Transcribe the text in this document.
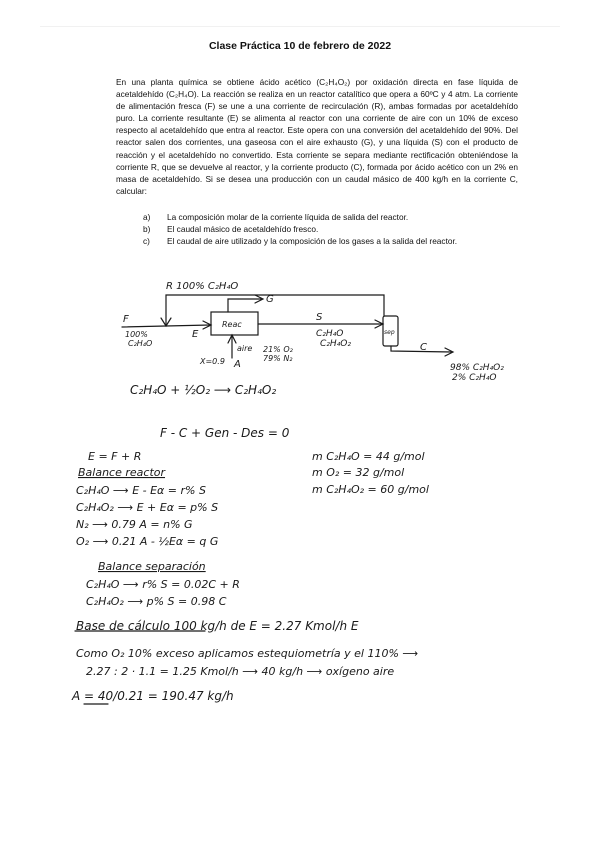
Clase Práctica 10 de febrero de 2022

En una planta química se obtiene ácido acético (C₂H₄O₂) por oxidación directa en fase líquida de acetaldehído (C₂H₄O). La reacción se realiza en un reactor catalítico que opera a 60ºC y 4 atm. La corriente de alimentación fresca (F) se une a una corriente de recirculación (R), ambas formadas por acetaldehído puro. La corriente resultante (E) se alimenta al reactor con una corriente de aire con un 10% de exceso respecto al acetaldehído que entra al reactor. Este opera con una conversión del acetaldehído del 90%. Del reactor salen dos corrientes, una gaseosa con el aire exhausto (G), y una líquida (S) con el producto de reacción y el acetaldehído no convertido. Esta corriente se separa mediante rectificación obteniéndose la corriente R, que se devuelve al reactor, y la corriente producto (C), formada por ácido acético con un 2% en masa de acetaldehído. Si se desea una producción con un caudal másico de 400 kg/h en la corriente C, calcular:

a)	La composición molar de la corriente líquida de salida del reactor.
b)	El caudal másico de acetaldehído fresco.
c)	El caudal de aire utilizado y la composición de los gases a la salida del reactor.
R 100% C₂H₄O
G
S
F
100%
C₂H₄O
E
Reac
C₂H₄O
C₂H₄O₂
sep
C
98% C₂H₄O₂
2% C₂H₄O
X=0.9
aire 21% O₂
79% N₂
A
C₂H₄O + ½O₂ ⟶ C₂H₄O₂
F - C + Gen - Des = 0
m C₂H₄O = 44 g/mol
m O₂ = 32 g/mol
m C₂H₄O₂ = 60 g/mol
E = F + R
Balance reactor
C₂H₄O ⟶ E - Eα = r% S
C₂H₄O₂ ⟶ E + Eα = p% S
N₂ ⟶ 0.79 A = n% G
O₂ ⟶ 0.21 A - ½Eα = q G
Balance separación
C₂H₄O ⟶ r% S = 0.02C + R
C₂H₄O₂ ⟶ p% S = 0.98 C
Base de cálculo 100 kg/h de E = 2.27 Kmol/h E
Como O₂ 10% exceso aplicamos estequiometría y el 110% ⟶
2.27 : 2 · 1.1 = 1.25 Kmol/h ⟶ 40 kg/h ⟶ oxígeno aire
A = 40/0.21 = 190.47 kg/h
